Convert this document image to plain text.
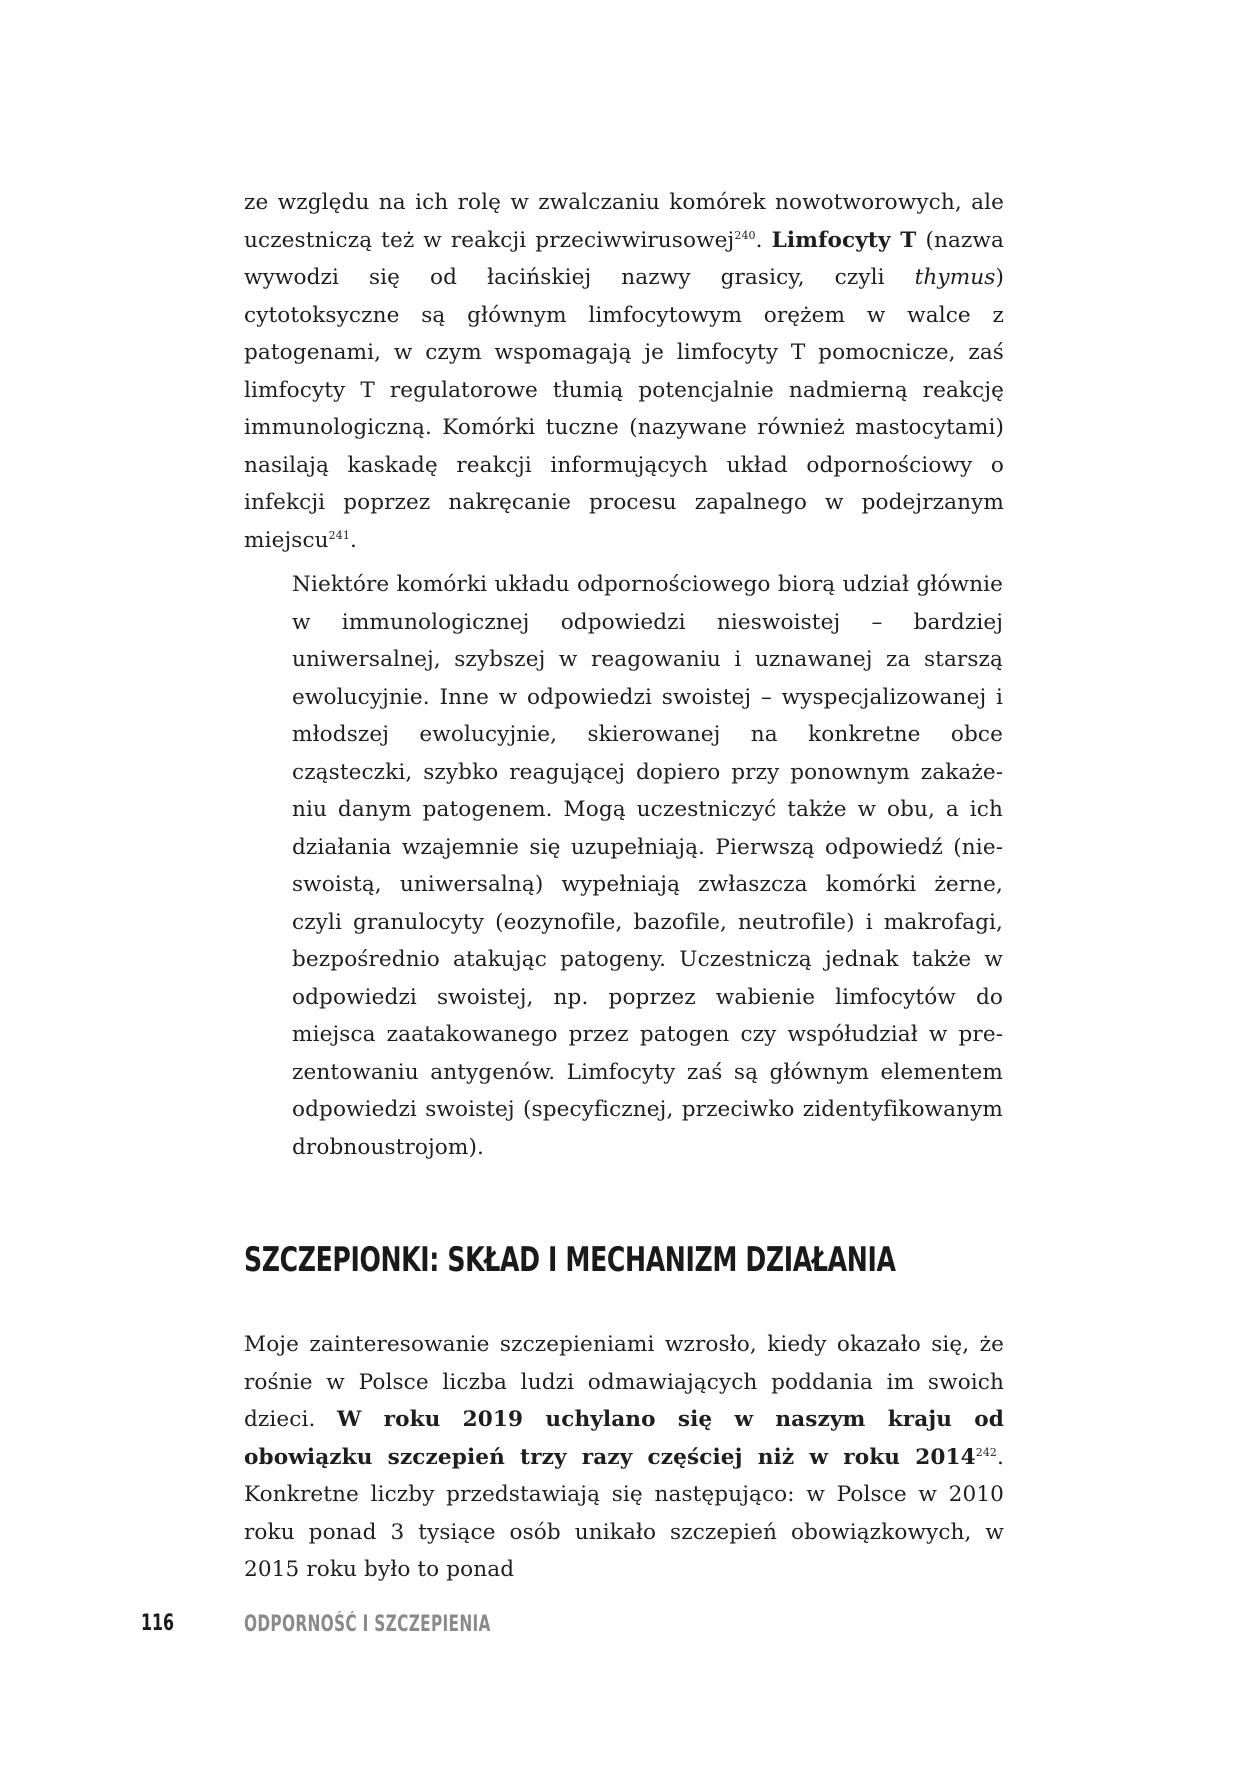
ze względu na ich rolę w zwalczaniu komórek nowotworowych, ale uczestniczą też w reakcji przeciwwirusowej$^{240}$. Limfocyty T (nazwa wywodzi się od łacińskiej nazwy grasicy, czyli thymus) cytotoksyczne są głównym limfocytowym orężem w walce z patogenami, w czym wspomagają je limfocyty T pomocnicze, zaś limfocyty T regulatorowe tłumią potencjalnie nadmierną reakcję immunologiczną. Komórki tuczne (nazywane również mastocytami) nasilają kaskadę reakcji informujących układ odpornościowy o infekcji poprzez nakręcanie procesu zapalnego w podejrzanym miejscu$^{241}$.

Niektóre komórki układu odpornościowego biorą udział głównie w immunologicznej odpowiedzi nieswoistej – bardziej uniwersalnej, szybszej w reagowaniu i uznawanej za starszą ewolucyjnie. Inne w odpowiedzi swoistej – wyspecjalizowanej i młodszej ewolucyjnie, skierowanej na konkretne obce cząsteczki, szybko reagującej dopiero przy ponownym zakażeniu danym patogenem. Mogą uczestniczyć także w obu, a ich działania wzajemnie się uzupełniają. Pierwszą odpowiedź (nieswoistą, uniwersalną) wypełniają zwłaszcza komórki żerne, czyli granulocyty (eozynofile, bazofile, neutrofile) i makrofagi, bezpośrednio atakując patogeny. Uczestniczą jednak także w odpowiedzi swoistej, np. poprzez wabienie limfocytów do miejsca zaatakowanego przez patogen czy współudział w prezentowaniu antygenów. Limfocyty zaś są głównym elementem odpowiedzi swoistej (specyficznej, przeciwko zidentyfikowanym drobnoustrojom).

SZCZEPIONKI: SKŁAD I MECHANIZM DZIAŁANIA

Moje zainteresowanie szczepieniami wzrosło, kiedy okazało się, że rośnie w Polsce liczba ludzi odmawiających poddania im swoich dzieci. W roku 2019 uchylano się w naszym kraju od obowiązku szczepień trzy razy częściej niż w roku 2014$^{242}$. Konkretne liczby przedstawiają się następująco: w Polsce w 2010 roku ponad 3 tysiące osób unikało szczepień obowiązkowych, w 2015 roku było to ponad

116	ODPORNOŚĆ I SZCZEPIENIA
